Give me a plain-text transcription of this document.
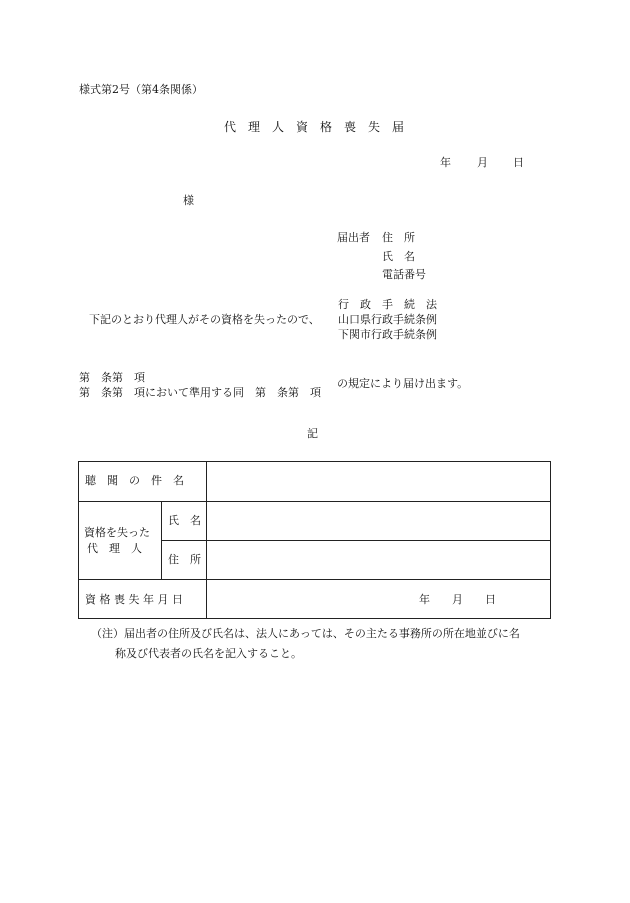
様式第2号（第4条関係）
代　理　人　資　格　喪　失　届
年 月 日
様
届出者 住　所
氏　名
電話番号
行　政　手　続　法
下記のとおり代理人がその資格を失ったので、 山口県行政手続条例
下関市行政手続条例
第　条第　項
第　条第　項において準用する同　第　条第　項
の規定により届け出ます。
記
聴　聞　の　件　名
資格を失った
代　理　人
氏　名
住　所
資 格 喪 失 年 月 日	年　　月　　日
（注） 届出者の住所及び氏名は、法人にあっては、その主たる事務所の所在地並びに名
称及び代表者の氏名を記入すること。
